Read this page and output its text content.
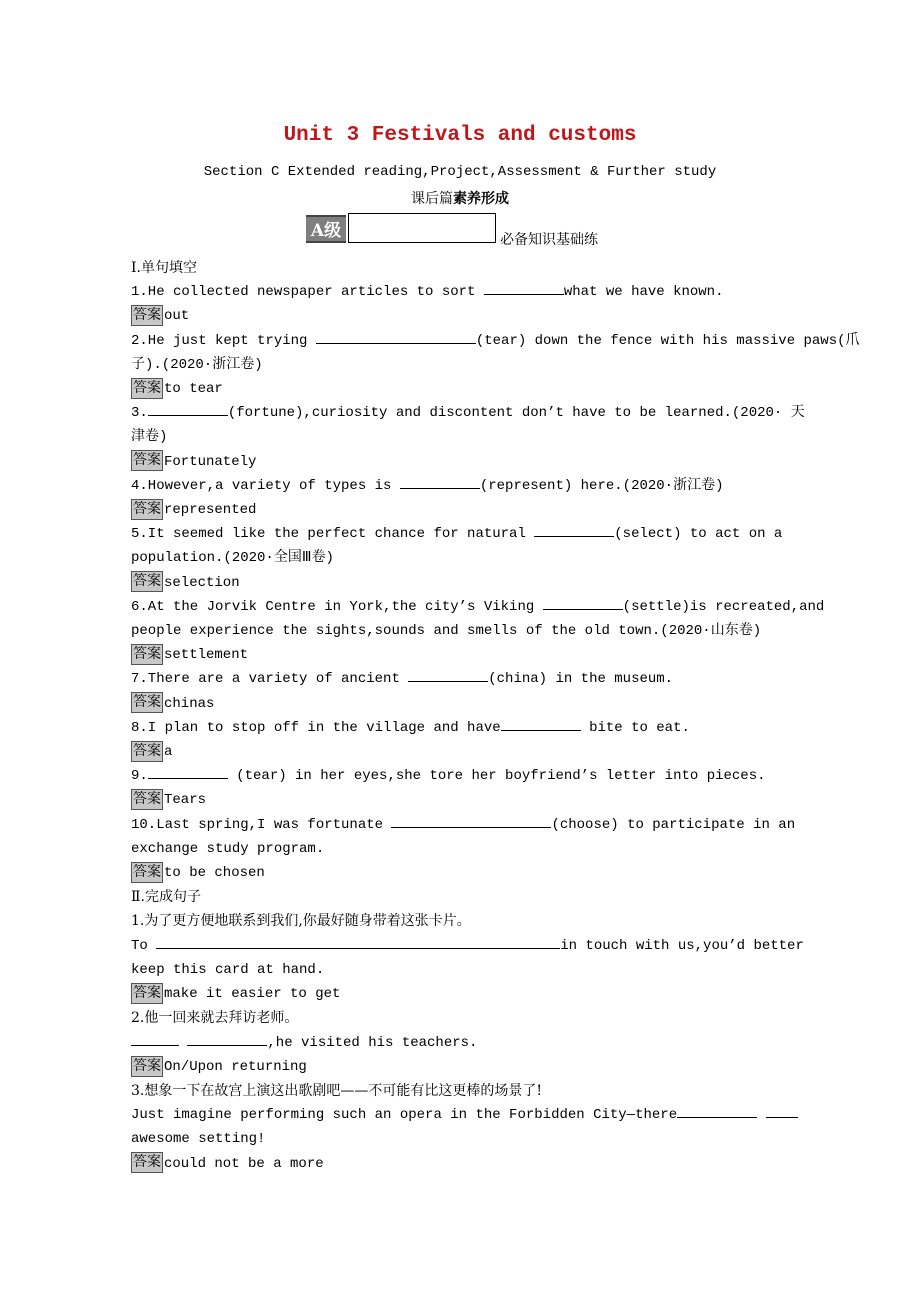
Unit 3 Festivals and customs
Section C Extended reading,Project,Assessment & Further study
课后篇素养形成
A级	必备知识基础练
Ⅰ.单句填空
1.He collected newspaper articles to sort	what we have known.
答案 out
2.He just kept trying	(tear) down the fence with his massive paws(爪
子).(2020·浙江卷)
答案 to tear
3.	(fortune),curiosity and discontent don’t have to be learned.(2020· 天
津卷)
答案 Fortunately
4.However,a variety of types is	(represent) here.(2020·浙江卷)
答案 represented
5.It seemed like the perfect chance for natural	(select) to act on a
population.(2020·全国Ⅲ卷)
答案 selection
6.At the Jorvik Centre in York,the city’s Viking	(settle)is recreated,and
people experience the sights,sounds and smells of the old town.(2020·山东卷)
答案 settlement
7.There are a variety of ancient	(china) in the museum.
答案 chinas
8.I plan to stop off in the village and have	bite to eat.
答案 a
9.	(tear) in her eyes,she tore her boyfriend’s letter into pieces.
答案 Tears
10.Last spring,I was fortunate	(choose) to participate in an
exchange study program.
答案 to be chosen
Ⅱ.完成句子
1.为了更方便地联系到我们,你最好随身带着这张卡片。
To	in touch with us,you’d better
keep this card at hand.
答案 make it easier to get
2.他一回来就去拜访老师。
,he visited his teachers.
答案 On/Upon returning
3.想象一下在故宫上演这出歌剧吧——不可能有比这更棒的场景了!
Just imagine performing such an opera in the Forbidden City—there
awesome setting!
答案 could not be a more
